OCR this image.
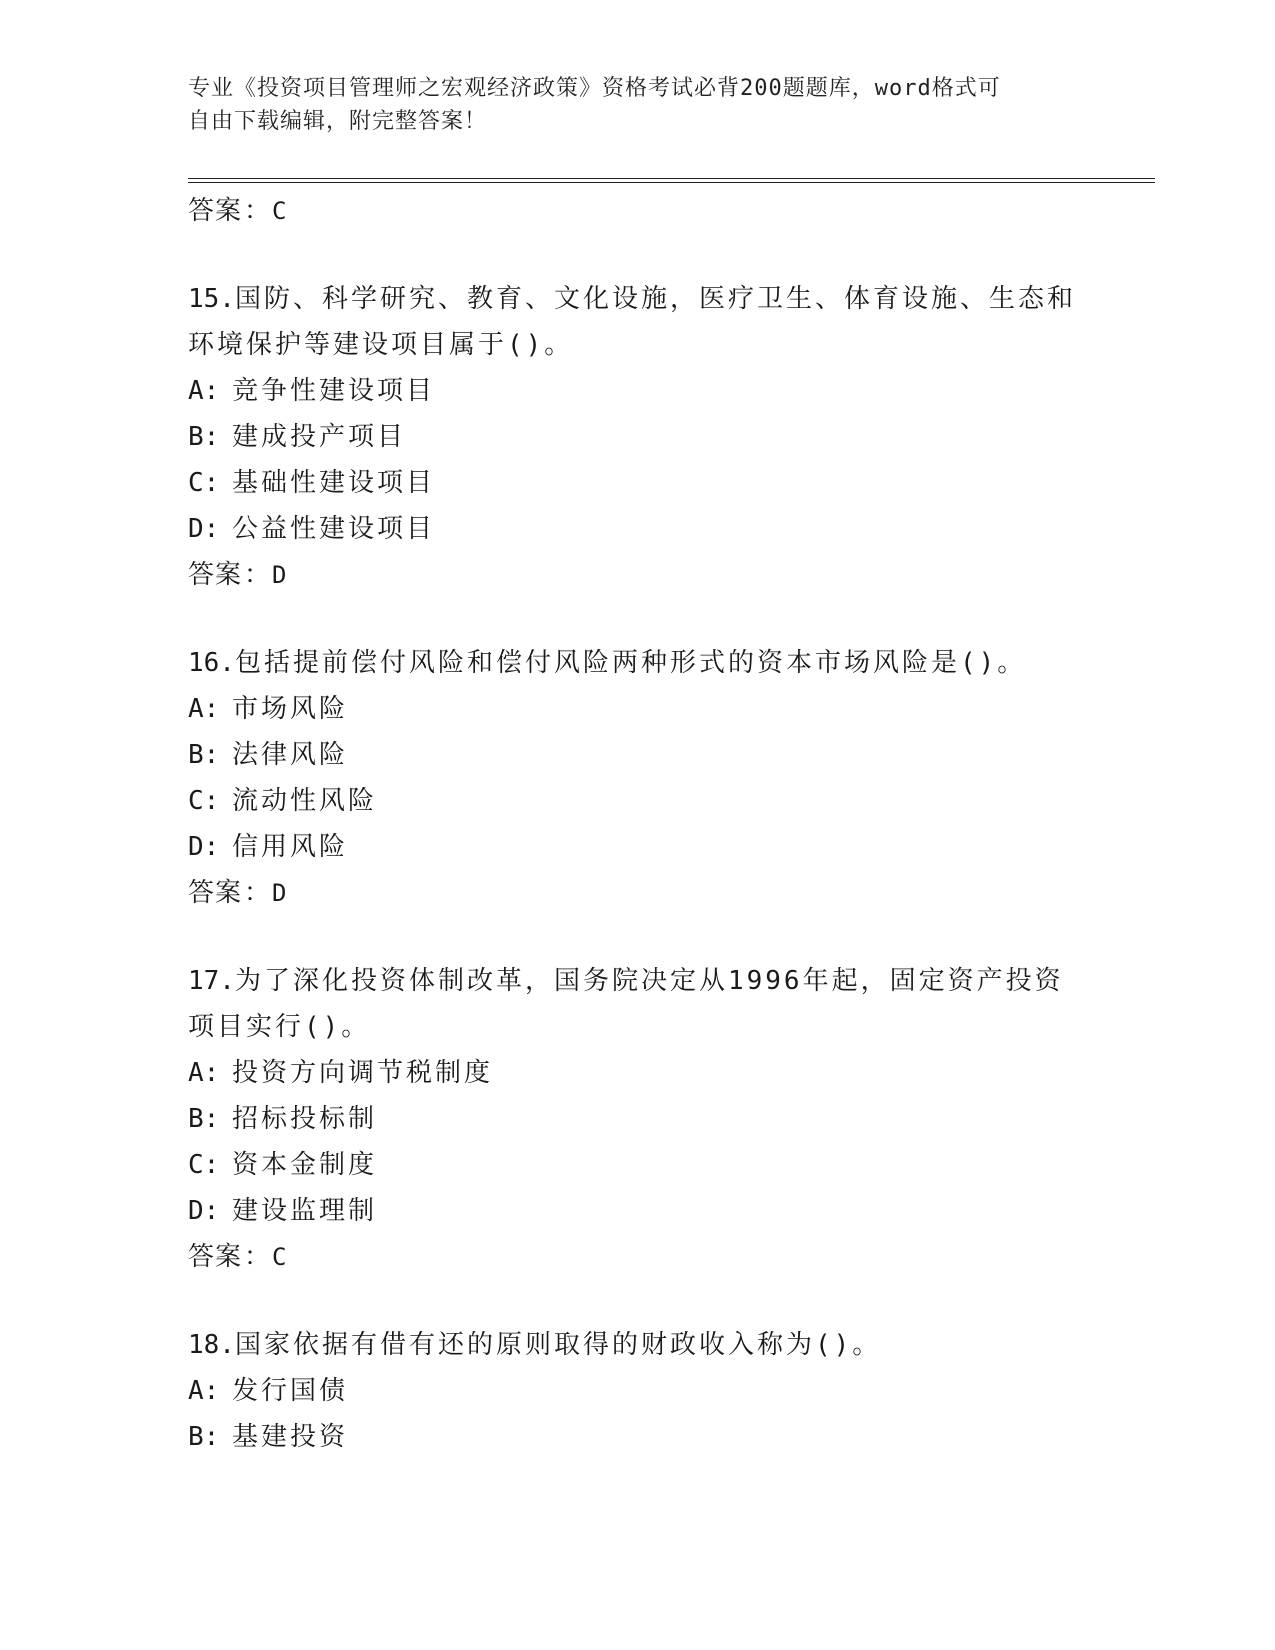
专业《投资项目管理师之宏观经济政策》资格考试必背200题题库，word格式可
自由下载编辑，附完整答案！
答案：C
15.国防、科学研究、教育、文化设施，医疗卫生、体育设施、生态和
环境保护等建设项目属于()。
A: 竞争性建设项目
B: 建成投产项目
C: 基础性建设项目
D: 公益性建设项目
答案：D
16.包括提前偿付风险和偿付风险两种形式的资本市场风险是()。
A: 市场风险
B: 法律风险
C: 流动性风险
D: 信用风险
答案：D
17.为了深化投资体制改革，国务院决定从1996年起，固定资产投资
项目实行()。
A: 投资方向调节税制度
B: 招标投标制
C: 资本金制度
D: 建设监理制
答案：C
18.国家依据有借有还的原则取得的财政收入称为()。
A: 发行国债
B: 基建投资
